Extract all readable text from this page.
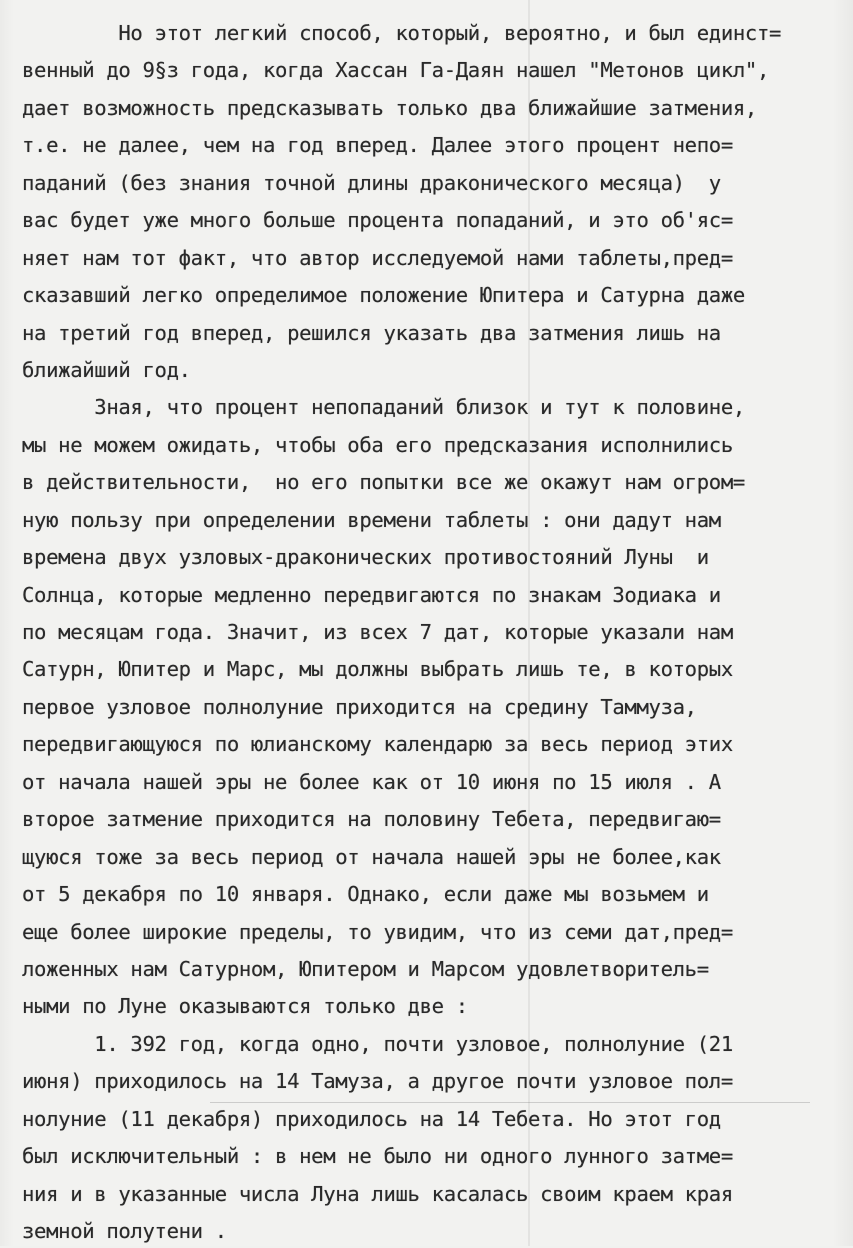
Но этот легкий способ, который, вероятно, и был единст=
венный до 9§з года, когда Хассан Га-Даян нашел "Метонов цикл",
дает возможность предсказывать только два ближайшие затмения,
т.е. не далее, чем на год вперед. Далее этого процент непо=
паданий (без знания точной длины драконического месяца)  у
вас будет уже много больше процента попаданий, и это об'яс=
няет нам тот факт, что автор исследуемой нами таблеты,пред=
сказавший легко определимое положение Юпитера и Сатурна даже
на третий год вперед, решился указать два затмения лишь на
ближайший год.
Зная, что процент непопаданий близок и тут к половине,
мы не можем ожидать, чтобы оба его предсказания исполнились
в действительности,  но его попытки все же окажут нам огром=
ную пользу при определении времени таблеты : они дадут нам
времена двух узловых-драконических противостояний Луны  и
Солнца, которые медленно передвигаются по знакам Зодиака и
по месяцам года. Значит, из всех 7 дат, которые указали нам
Сатурн, Юпитер и Марс, мы должны выбрать лишь те, в которых
первое узловое полнолуние приходится на средину Таммуза,
передвигающуюся по юлианскому календарю за весь период этих
от начала нашей эры не более как от 10 июня по 15 июля . А
второе затмение приходится на половину Тебета, передвигаю=
щуюся тоже за весь период от начала нашей эры не более,как
от 5 декабря по 10 января. Однако, если даже мы возьмем и
еще более широкие пределы, то увидим, что из семи дат,пред=
ложенных нам Сатурном, Юпитером и Марсом удовлетворитель=
ными по Луне оказываются только две :
1. 392 год, когда одно, почти узловое, полнолуние (21
июня) приходилось на 14 Тамуза, а другое почти узловое пол=
нолуние (11 декабря) приходилось на 14 Тебета. Но этот год
был исключительный : в нем не было ни одного лунного затме=
ния и в указанные числа Луна лишь касалась своим краем края
земной полутени .
